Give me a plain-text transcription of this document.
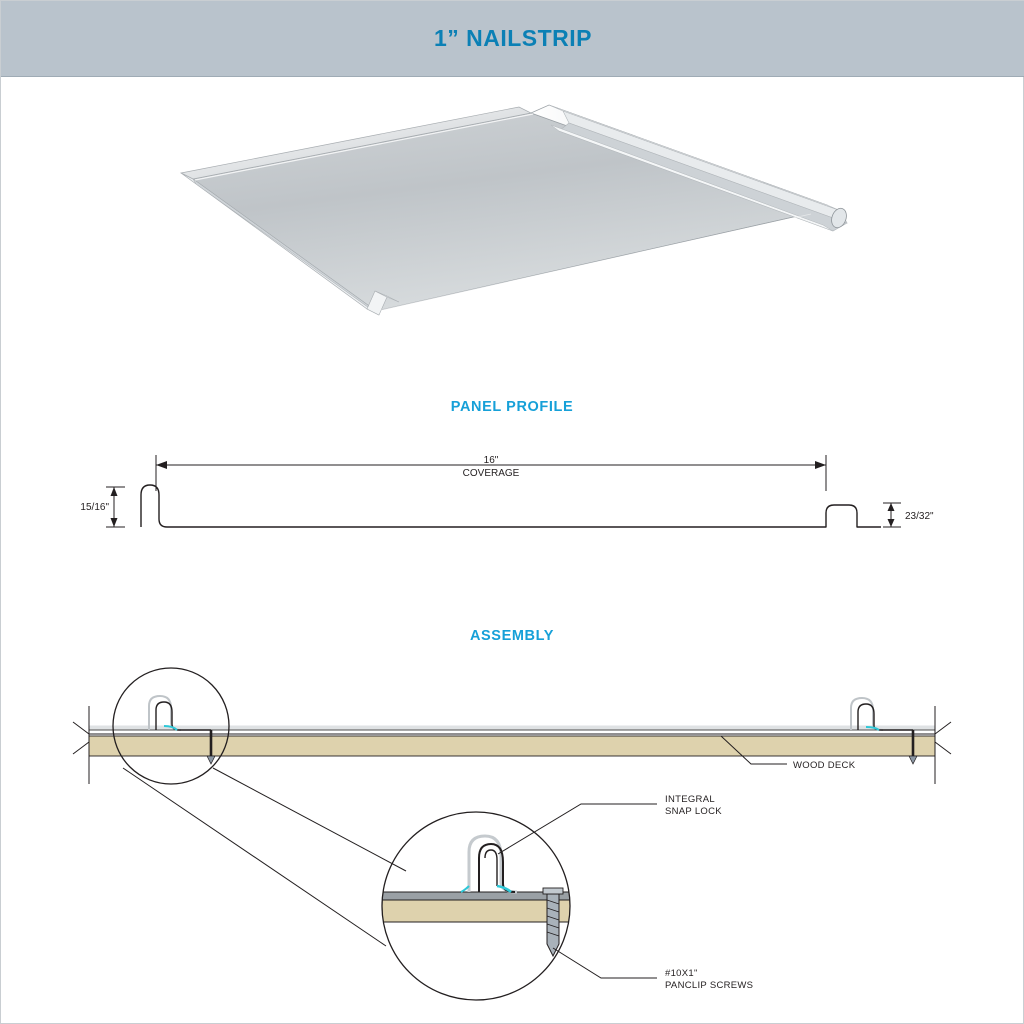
1” NAILSTRIP
PANEL PROFILE
16"
COVERAGE
15/16"
23/32"
ASSEMBLY
WOOD DECK
INTEGRAL
SNAP LOCK
#10X1"
PANCLIP SCREWS
